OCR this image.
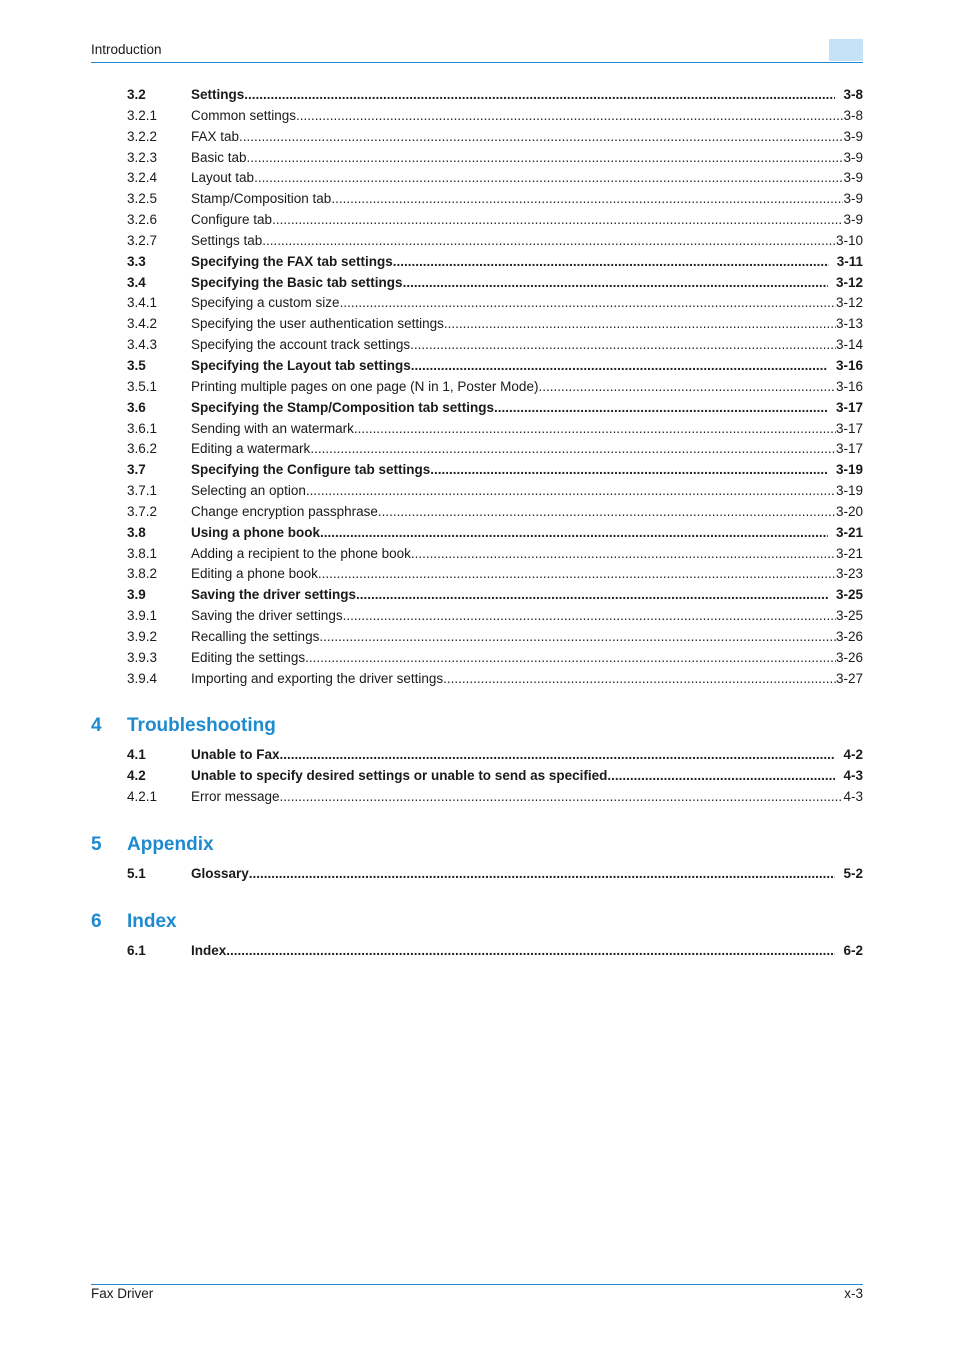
Introduction
3.2	Settings .....	3-8
3.2.1	Common settings .....	3-8
3.2.2	FAX tab .....	3-9
3.2.3	Basic tab .....	3-9
3.2.4	Layout tab .....	3-9
3.2.5	Stamp/Composition tab .....	3-9
3.2.6	Configure tab .....	3-9
3.2.7	Settings tab .....	3-10
3.3	Specifying the FAX tab settings .....	3-11
3.4	Specifying the Basic tab settings .....	3-12
3.4.1	Specifying a custom size .....	3-12
3.4.2	Specifying the user authentication settings .....	3-13
3.4.3	Specifying the account track settings .....	3-14
3.5	Specifying the Layout tab settings .....	3-16
3.5.1	Printing multiple pages on one page (N in 1, Poster Mode) .....	3-16
3.6	Specifying the Stamp/Composition tab settings .....	3-17
3.6.1	Sending with an watermark .....	3-17
3.6.2	Editing a watermark .....	3-17
3.7	Specifying the Configure tab settings .....	3-19
3.7.1	Selecting an option .....	3-19
3.7.2	Change encryption passphrase .....	3-20
3.8	Using a phone book .....	3-21
3.8.1	Adding a recipient to the phone book .....	3-21
3.8.2	Editing a phone book .....	3-23
3.9	Saving the driver settings .....	3-25
3.9.1	Saving the driver settings .....	3-25
3.9.2	Recalling the settings .....	3-26
3.9.3	Editing the settings .....	3-26
3.9.4	Importing and exporting the driver settings .....	3-27
4	Troubleshooting
4.1	Unable to Fax .....	4-2
4.2	Unable to specify desired settings or unable to send as specified .....	4-3
4.2.1	Error message .....	4-3
5	Appendix
5.1	Glossary .....	5-2
6	Index
6.1	Index .....	6-2
Fax Driver	x-3
